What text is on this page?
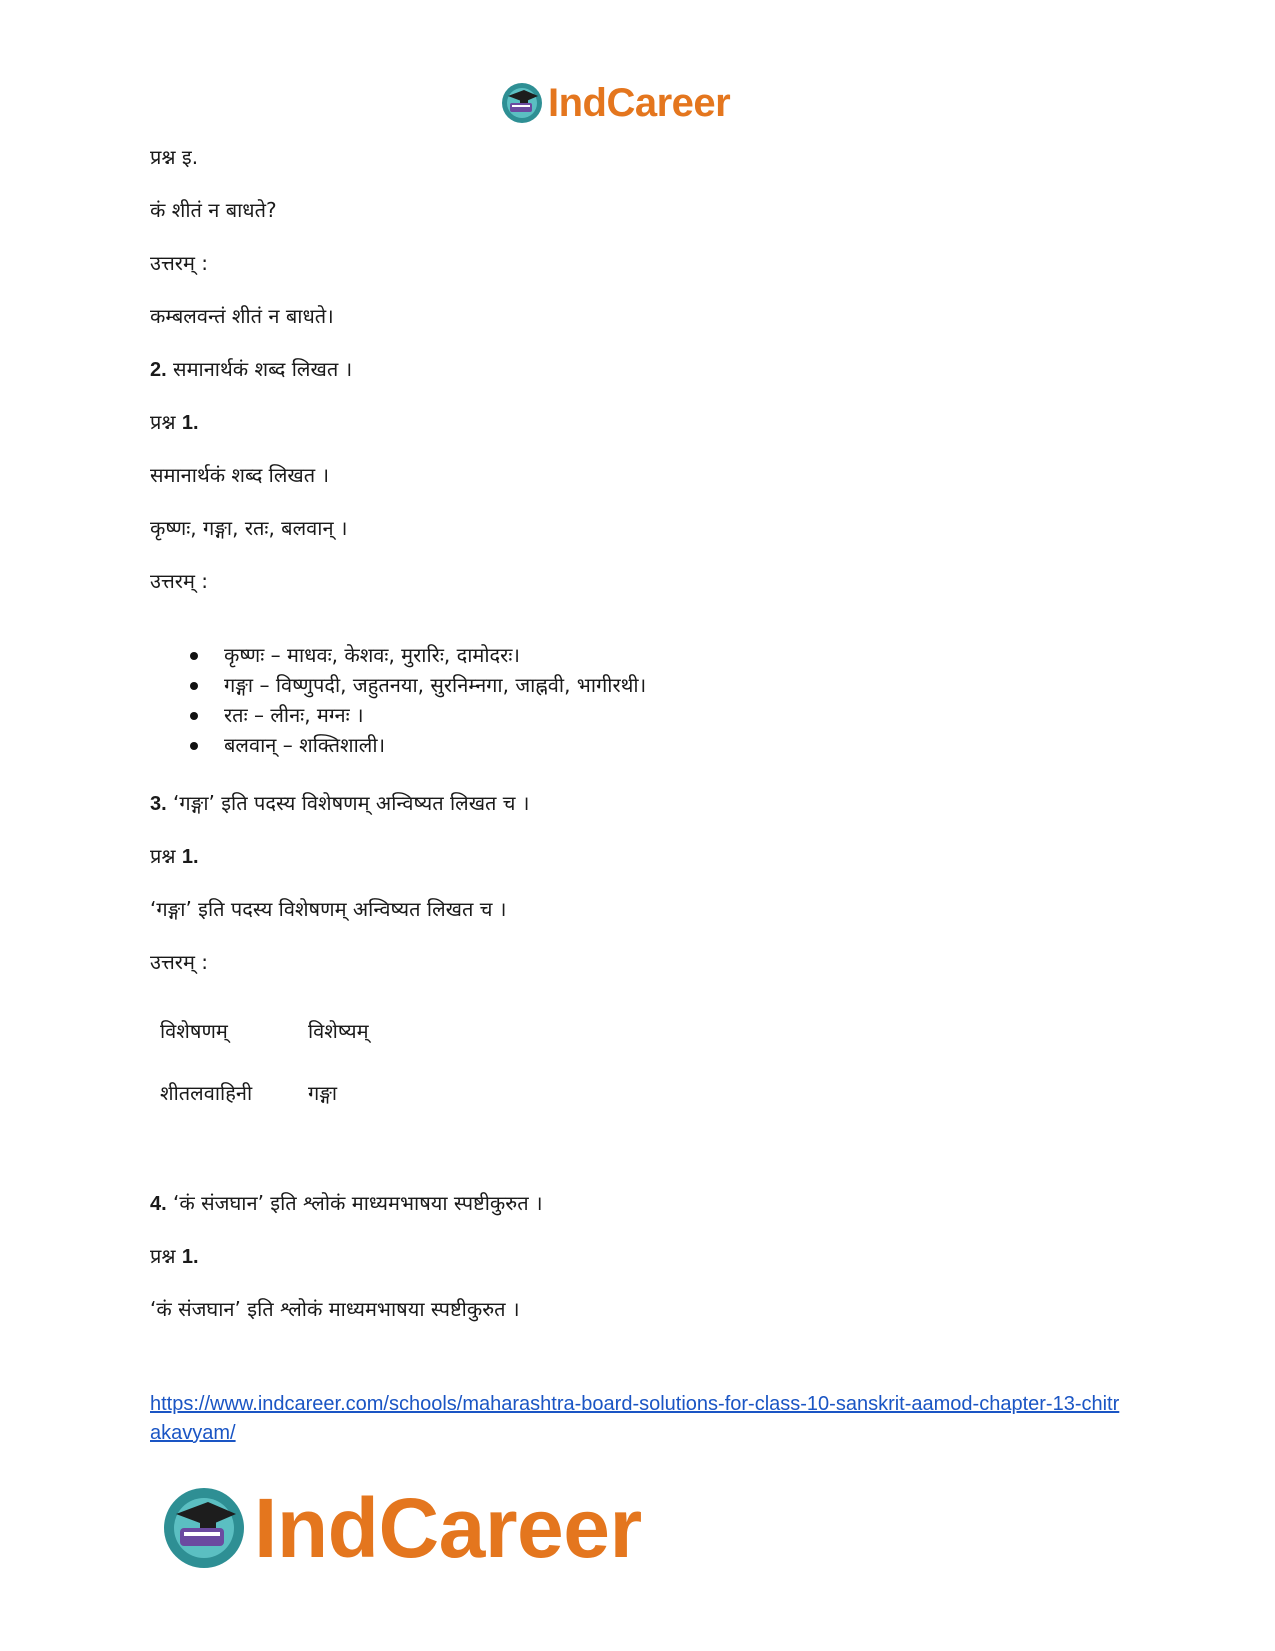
IndCareer

प्रश्न इ.

कं शीतं न बाधते?

उत्तरम् :

कम्बलवन्तं शीतं न बाधते।

2. समानार्थकं शब्द लिखत ।

प्रश्न 1.

समानार्थकं शब्द लिखत ।

कृष्णः, गङ्गा, रतः, बलवान् ।

उत्तरम् :

कृष्णः – माधवः, केशवः, मुरारिः, दामोदरः।
गङ्गा – विष्णुपदी, जहुतनया, सुरनिम्नगा, जाह्नवी, भागीरथी।
रतः – लीनः, मग्नः ।
बलवान् – शक्तिशाली।

3. ‘गङ्गा’ इति पदस्य विशेषणम् अन्विष्यत लिखत च ।

प्रश्न 1.

‘गङ्गा’ इति पदस्य विशेषणम् अन्विष्यत लिखत च ।

उत्तरम् :

विशेषणम्	विशेष्यम्
शीतलवाहिनी	गङ्गा

4. ‘कं संजघान’ इति श्लोकं माध्यमभाषया स्पष्टीकुरुत ।

प्रश्न 1.

‘कं संजघान’ इति श्लोकं माध्यमभाषया स्पष्टीकुरुत ।

https://www.indcareer.com/schools/maharashtra-board-solutions-for-class-10-sanskrit-aamod-chapter-13-chitrakavyam/
IndCareer
